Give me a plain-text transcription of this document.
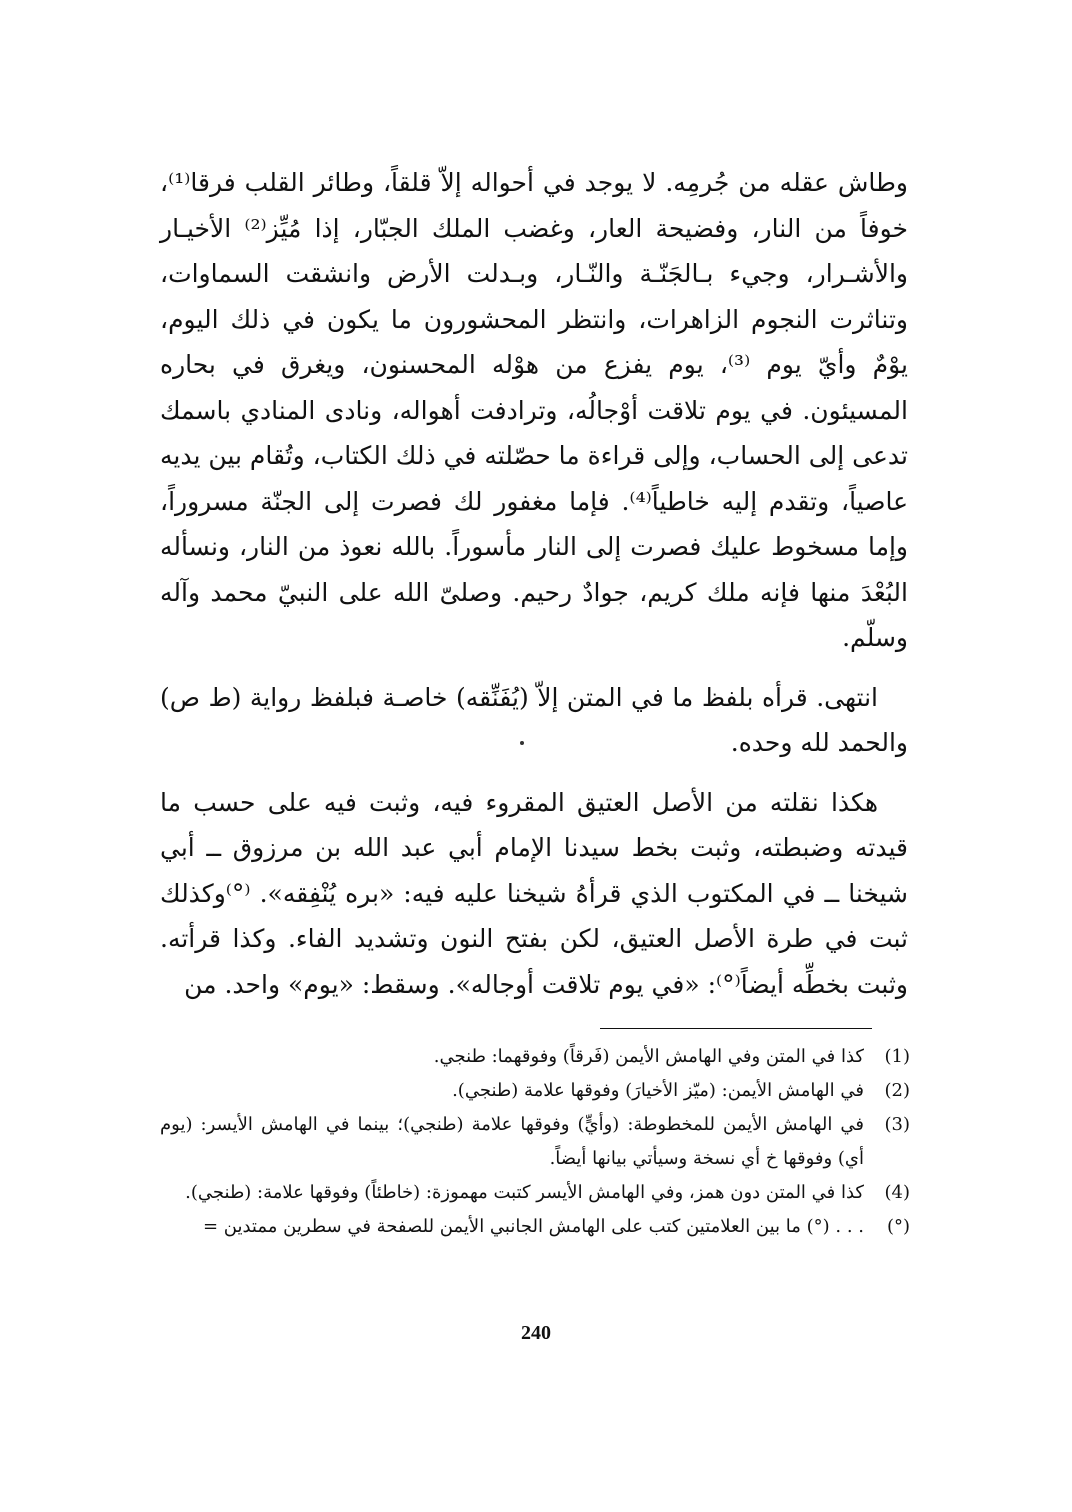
وطاش عقله من جُرمِه. لا يوجد في أحواله إلاّ قلقاً، وطائر القلب فرقا⁽¹⁾، خوفاً من النار، وفضيحة العار، وغضب الملك الجبّار، إذا مُيِّز⁽²⁾ الأخيـار والأشـرار، وجيء بـالجَنّـة والنّـار، وبـدلت الأرض وانشقت السماوات، وتناثرت النجوم الزاهرات، وانتظر المحشورون ما يكون في ذلك اليوم، يوْمٌ وأيّ يوم ⁽³⁾، يوم يفزع من هوْله المحسنون، ويغرق في بحاره المسيئون. في يوم تلاقت أوْجالُه، وترادفت أهواله، ونادى المنادي باسمك تدعى إلى الحساب، وإلى قراءة ما حصّلته في ذلك الكتاب، وتُقام بين يديه عاصياً، وتقدم إليه خاطياً⁽⁴⁾. فإما مغفور لك فصرت إلى الجنّة مسروراً، وإما مسخوط عليك فصرت إلى النار مأسوراً. بالله نعوذ من النار، ونسأله البُعْدَ منها فإنه ملك كريم، جوادٌ رحيم. وصلىّ الله على النبيّ محمد وآله وسلّم.

انتهى. قرأه بلفظ ما في المتن إلاّ (يُفَنِّقه) خاصـة فبلفظ رواية (ط ص) والحمد لله وحده.

هكذا نقلته من الأصل العتيق المقروء فيه، وثبت فيه على حسب ما قيدته وضبطته، وثبت بخط سيدنا الإمام أبي عبد الله بن مرزوق ــ أبي شيخنا ــ في المكتوب الذي قرأهُ شيخنا عليه فيه: «بره يُنْفِقه». ⁽°⁾وكذلك ثبت في طرة الأصل العتيق، لكن بفتح النون وتشديد الفاء. وكذا قرأته. وثبت بخطِّه أيضاً⁽°⁾: «في يوم تلاقت أوجاله». وسقط: «يوم» واحد. من

(1)
كذا في المتن وفي الهامش الأيمن (فَرقاً) وفوقهما: طنجي.
(2)
في الهامش الأيمن: (ميّز الأخيارَ) وفوقها علامة (طنجي).
(3)
في الهامش الأيمن للمخطوطة: (وأيٍّ) وفوقها علامة (طنجي)؛ بينما في الهامش الأيسر: (يوم أي) وفوقها خ أي نسخة وسيأتي بيانها أيضاً.
(4)
كذا في المتن دون همز، وفي الهامش الأيسر كتبت مهموزة: (خاطئاً) وفوقها علامة: (طنجي).
(°)
. . . (°) ما بين العلامتين كتب على الهامش الجانبي الأيمن للصفحة في سطرين ممتدين =
240
